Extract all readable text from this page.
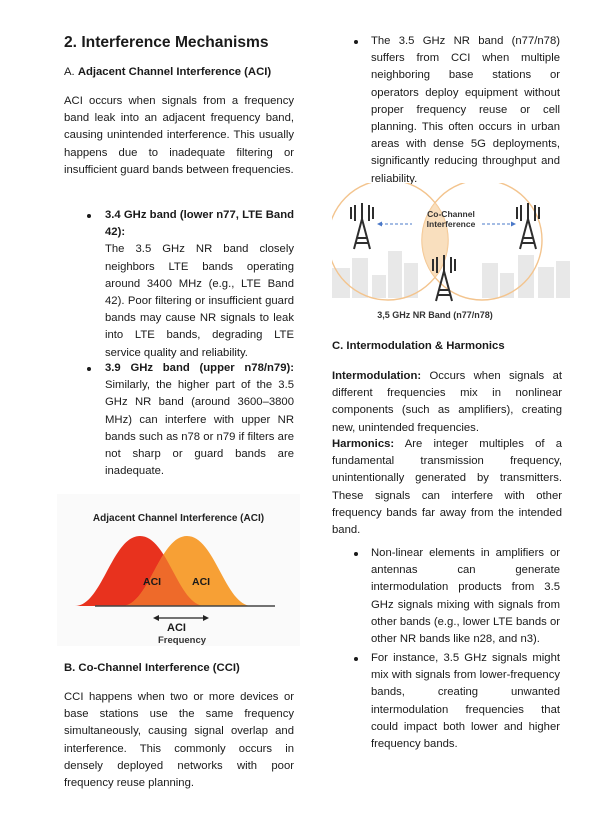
2. Interference Mechanisms
A. Adjacent Channel Interference (ACI)
ACI occurs when signals from a frequency band leak into an adjacent frequency band, causing unintended interference. This usually happens due to inadequate filtering or insufficient guard bands between frequencies.
3.4 GHz band (lower n77, LTE Band 42):
The 3.5 GHz NR band closely neighbors LTE bands operating around 3400 MHz (e.g., LTE Band 42). Poor filtering or insufficient guard bands may cause NR signals to leak into LTE bands, degrading LTE service quality and reliability.
3.9 GHz band (upper n78/n79): Similarly, the higher part of the 3.5 GHz NR band (around 3600–3800 MHz) can interfere with upper NR bands such as n78 or n79 if filters are not sharp or guard bands are inadequate.
Adjacent Channel Interference (ACI)
ACI	ACI
ACI
Frequency
B. Co-Channel Interference (CCI)
CCI happens when two or more devices or base stations use the same frequency simultaneously, causing signal overlap and interference. This commonly occurs in densely deployed networks with poor frequency reuse planning.
The 3.5 GHz NR band (n77/n78) suffers from CCI when multiple neighboring base stations or operators deploy equipment without proper frequency reuse or cell planning. This often occurs in urban areas with dense 5G deployments, significantly reducing throughput and reliability.
Co-Channel
Interference
3,5 GHz NR Band (n77/n78)
C. Intermodulation & Harmonics
Intermodulation: Occurs when signals at different frequencies mix in nonlinear components (such as amplifiers), creating new, unintended frequencies.
Harmonics: Are integer multiples of a fundamental transmission frequency, unintentionally generated by transmitters. These signals can interfere with other frequency bands far away from the intended band.
Non-linear elements in amplifiers or antennas can generate intermodulation products from 3.5 GHz signals mixing with signals from other bands (e.g., lower LTE bands or other NR bands like n28, and n3).
For instance, 3.5 GHz signals might mix with signals from lower-frequency bands, creating unwanted intermodulation frequencies that could impact both lower and higher frequency bands.
